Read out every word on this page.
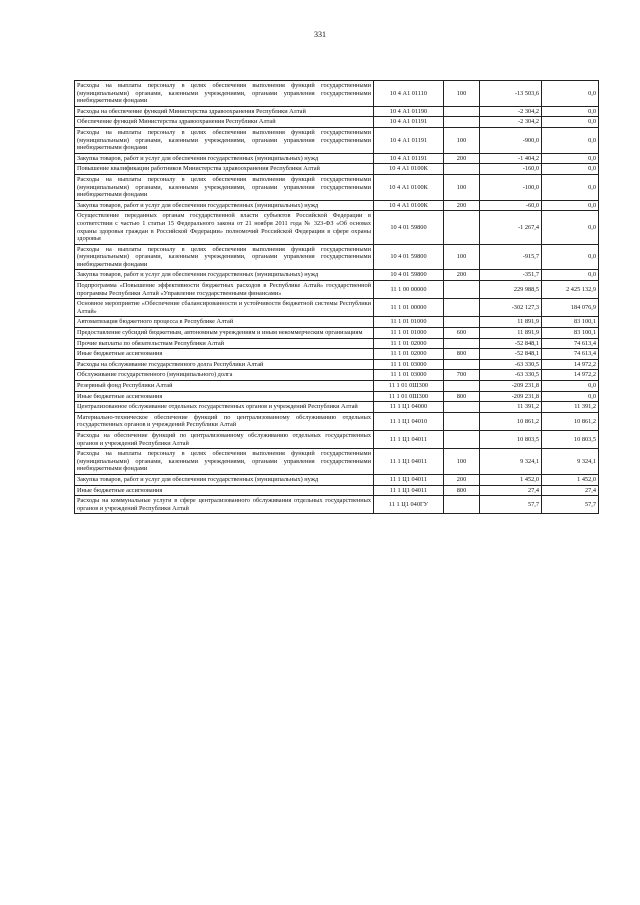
331
Расходы на выплаты персоналу в целях обеспечения выполнения функций государственными (муниципальными) органами, казенными учреждениями, органами управления государственными внебюджетными фондами	10 4 А1 01110	100	-13 503,6	0,0
Расходы на обеспечение функций Министерства здравоохранения Республики Алтай	10 4 А1 01190		-2 304,2	0,0
Обеспечение функций Министерства здравоохранения Республики Алтай	10 4 А1 01191		-2 304,2	0,0
Расходы на выплаты персоналу в целях обеспечения выполнения функций государственными (муниципальными) органами, казенными учреждениями, органами управления государственными внебюджетными фондами	10 4 А1 01191	100	-900,0	0,0
Закупка товаров, работ и услуг для обеспечения государственных (муниципальных) нужд	10 4 А1 01191	200	-1 404,2	0,0
Повышение квалификации работников Министерства здравоохранения Республики Алтай	10 4 А1 0100К		-160,0	0,0
Расходы на выплаты персоналу в целях обеспечения выполнения функций государственными (муниципальными) органами, казенными учреждениями, органами управления государственными внебюджетными фондами	10 4 А1 0100К	100	-100,0	0,0
Закупка товаров, работ и услуг для обеспечения государственных (муниципальных) нужд	10 4 А1 0100К	200	-60,0	0,0
Осуществление переданных органам государственной власти субъектов Российской Федерации в соответствии с частью 1 статьи 15 Федерального закона от 21 ноября 2011 года № 323-ФЗ «Об основах охраны здоровья граждан в Российской Федерации» полномочий Российской Федерации в сфере охраны здоровья	10 4 01 59800		-1 267,4	0,0
Расходы на выплаты персоналу в целях обеспечения выполнения функций государственными (муниципальными) органами, казенными учреждениями, органами управления государственными внебюджетными фондами	10 4 01 59800	100	-915,7	0,0
Закупка товаров, работ и услуг для обеспечения государственных (муниципальных) нужд	10 4 01 59800	200	-351,7	0,0
Подпрограмма «Повышение эффективности бюджетных расходов в Республике Алтай» государственной программы Республики Алтай «Управление государственными финансами»	11 1 00 00000		229 988,5	2 425 132,9
Основное мероприятие «Обеспечение сбалансированности и устойчивости бюджетной системы Республики Алтай»	11 1 01 00000		-302 127,3	184 076,9
Автоматизация бюджетного процесса в Республике Алтай	11 1 01 01000		11 891,9	83 100,1
Предоставление субсидий бюджетным, автономным учреждениям и иным некоммерческим организациям	11 1 01 01000	600	11 891,9	83 100,1
Прочие выплаты по обязательствам Республики Алтай	11 1 01 02000		-52 848,1	74 613,4
Иные бюджетные ассигнования	11 1 01 02000	800	-52 848,1	74 613,4
Расходы на обслуживание государственного долга Республики Алтай	11 1 01 03000		-63 330,5	14 972,2
Обслуживание государственного (муниципального) долга	11 1 01 03000	700	-63 330,5	14 972,2
Резервный фонд Республики Алтай	11 1 01 0Ш300		-209 231,8	0,0
Иные бюджетные ассигнования	11 1 01 0Ш300	800	-209 231,8	0,0
Централизованное обслуживание отдельных государственных органов и учреждений Республики Алтай	11 1 Ц1 04000		11 391,2	11 391,2
Материально-техническое обеспечение функций по централизованному обслуживанию отдельных государственных органов и учреждений Республики Алтай	11 1 Ц1 04010		10 861,2	10 861,2
Расходы на обеспечение функций по централизованному обслуживанию отдельных государственных органов и учреждений Республики Алтай	11 1 Ц1 04011		10 803,5	10 803,5
Расходы на выплаты персоналу в целях обеспечения выполнения функций государственными (муниципальными) органами, казенными учреждениями, органами управления государственными внебюджетными фондами	11 1 Ц1 04011	100	9 324,1	9 324,1
Закупка товаров, работ и услуг для обеспечения государственных (муниципальных) нужд	11 1 Ц1 04011	200	1 452,0	1 452,0
Иные бюджетные ассигнования	11 1 Ц1 04011	800	27,4	27,4
Расходы на коммунальные услуги в сфере централизованного обслуживания отдельных государственных органов и учреждений Республики Алтай	11 1 Ц1 040ГУ		57,7	57,7
